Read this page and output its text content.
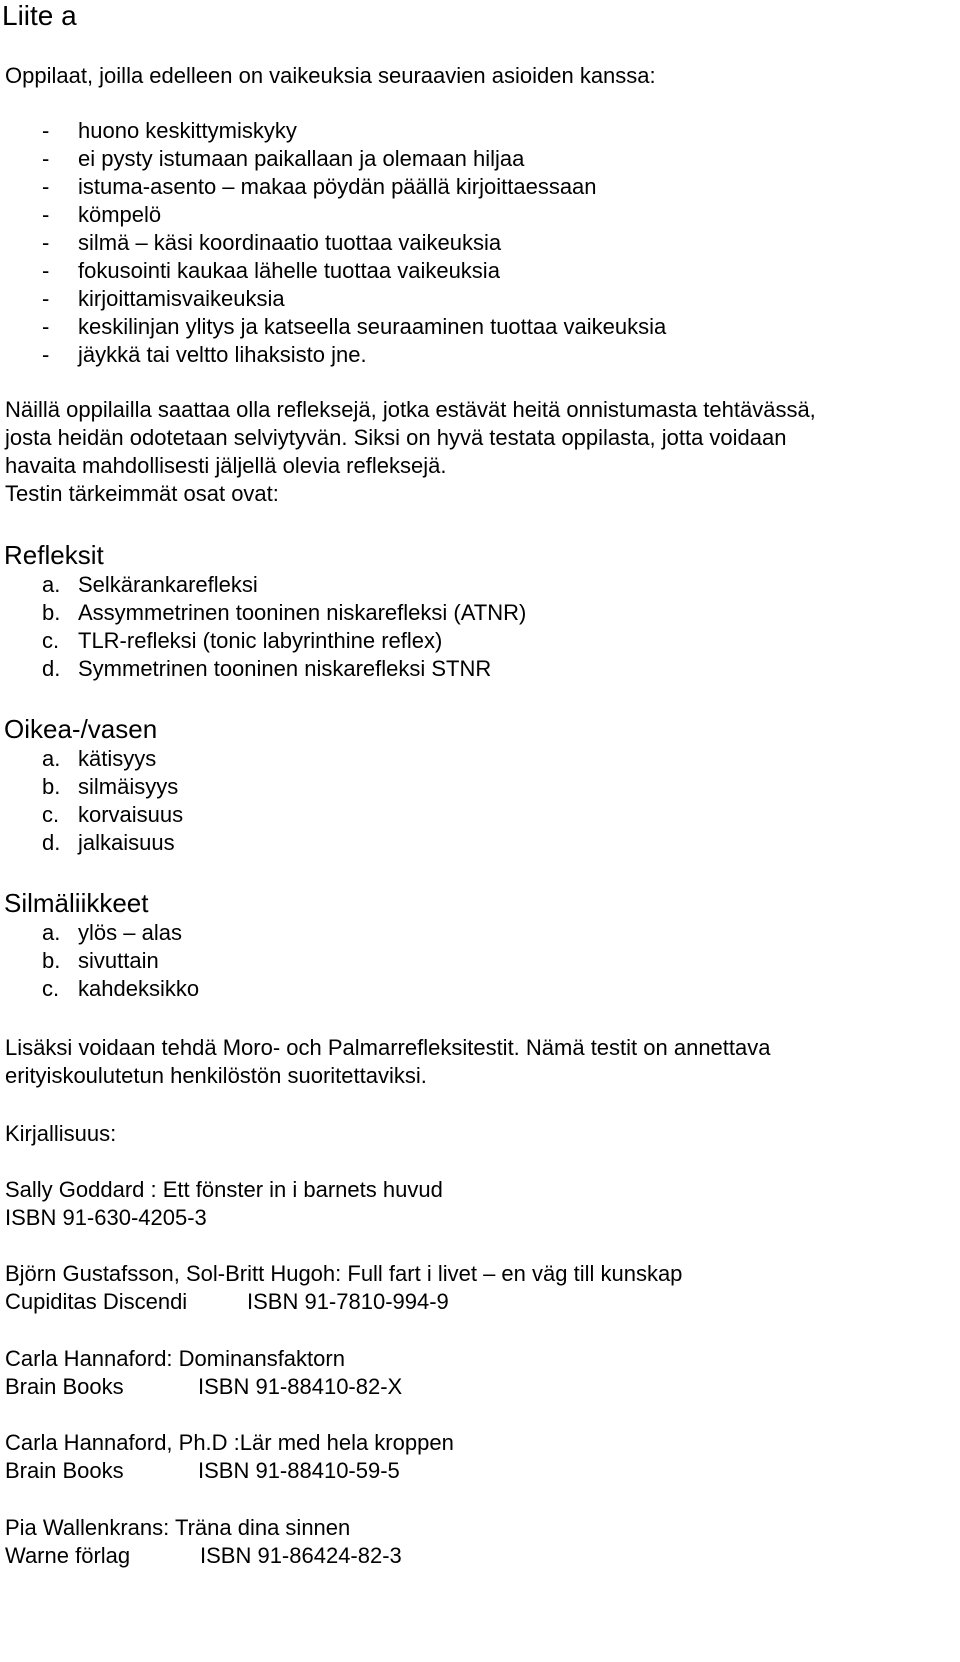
Liite a
Oppilaat, joilla edelleen on vaikeuksia seuraavien asioiden kanssa:
- huono keskittymiskyky
- ei pysty istumaan paikallaan ja olemaan hiljaa
- istuma-asento – makaa pöydän päällä kirjoittaessaan
- kömpelö
- silmä – käsi koordinaatio tuottaa vaikeuksia
- fokusointi kaukaa lähelle tuottaa vaikeuksia
- kirjoittamisvaikeuksia
- keskilinjan ylitys ja katseella seuraaminen tuottaa vaikeuksia
- jäykkä tai veltto lihaksisto jne.
Näillä oppilailla saattaa olla refleksejä, jotka estävät heitä onnistumasta tehtävässä,
josta heidän odotetaan selviytyvän. Siksi on hyvä testata oppilasta, jotta voidaan
havaita mahdollisesti jäljellä olevia refleksejä.
Testin tärkeimmät osat ovat:
Refleksit
a. Selkärankarefleksi
b. Assymmetrinen tooninen niskarefleksi (ATNR)
c. TLR-refleksi (tonic labyrinthine reflex)
d. Symmetrinen tooninen niskarefleksi STNR
Oikea-/vasen
a. kätisyys
b. silmäisyys
c. korvaisuus
d. jalkaisuus
Silmäliikkeet
a. ylös – alas
b. sivuttain
c. kahdeksikko
Lisäksi voidaan tehdä Moro- och Palmarrefleksitestit. Nämä testit on annettava
erityiskoulutetun henkilöstön suoritettaviksi.
Kirjallisuus:
Sally Goddard : Ett fönster in i barnets huvud
ISBN 91-630-4205-3
Björn Gustafsson, Sol-Britt Hugoh: Full fart i livet – en väg till kunskap
Cupiditas Discendi	ISBN 91-7810-994-9
Carla Hannaford: Dominansfaktorn
Brain Books	ISBN 91-88410-82-X
Carla Hannaford, Ph.D :Lär med hela kroppen
Brain Books	ISBN 91-88410-59-5
Pia Wallenkrans: Träna dina sinnen
Warne förlag	ISBN 91-86424-82-3
